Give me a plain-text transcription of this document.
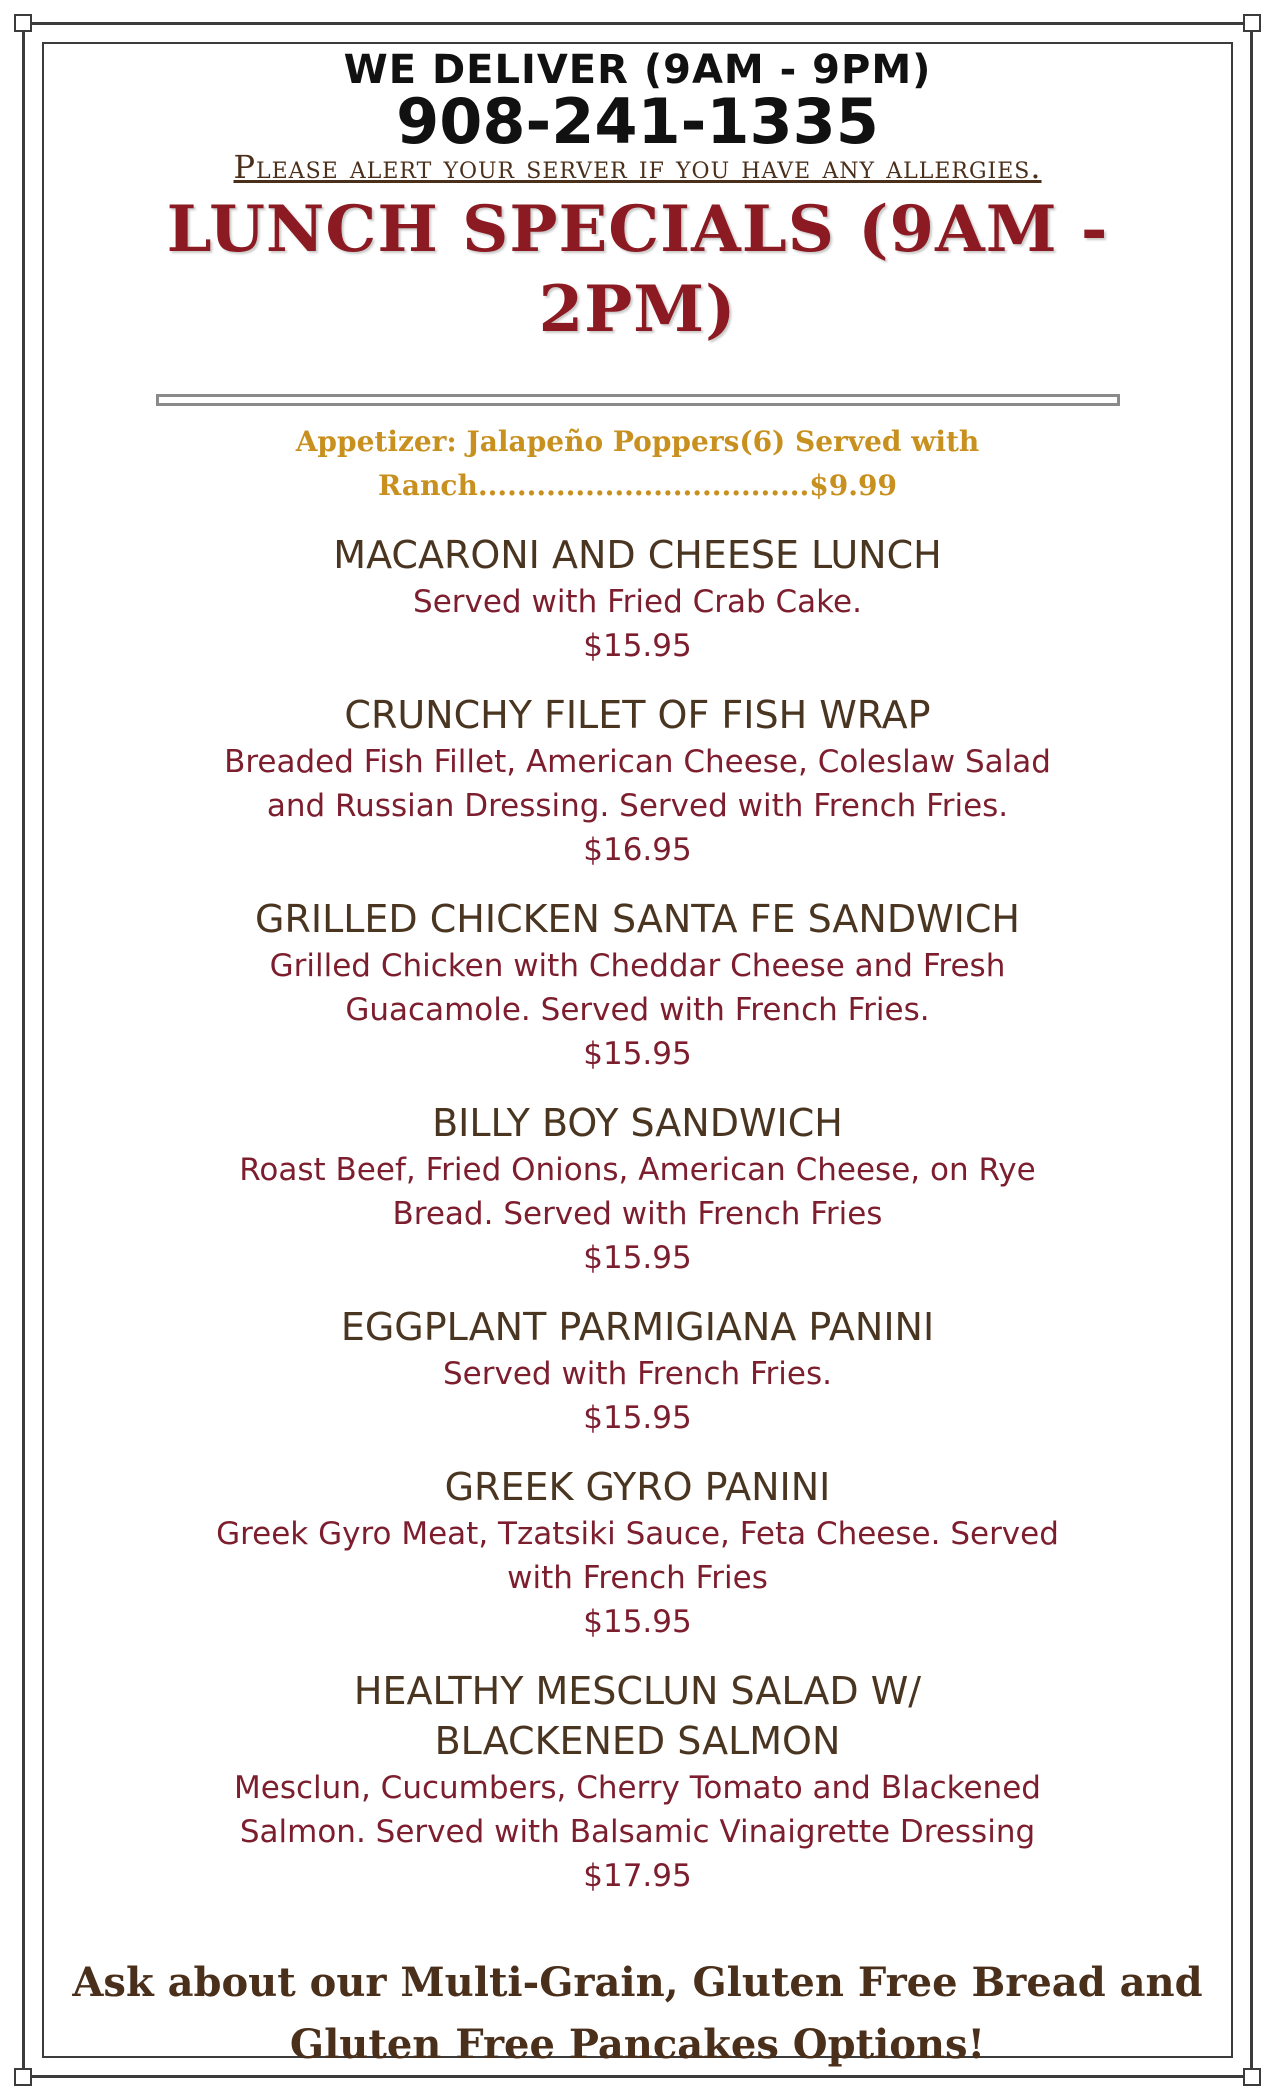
WE DELIVER (9AM - 9PM)
908-241-1335
Please alert your server if you have any allergies.
LUNCH SPECIALS (9AM - 2PM)
Appetizer: Jalapeño Poppers(6) Served with Ranch..................................$9.99
MACARONI AND CHEESE LUNCH
Served with Fried Crab Cake.
$15.95
CRUNCHY FILET OF FISH WRAP
Breaded Fish Fillet, American Cheese, Coleslaw Salad and Russian Dressing. Served with French Fries.
$16.95
GRILLED CHICKEN SANTA FE SANDWICH
Grilled Chicken with Cheddar Cheese and Fresh Guacamole. Served with French Fries.
$15.95
BILLY BOY SANDWICH
Roast Beef, Fried Onions, American Cheese, on Rye Bread. Served with French Fries
$15.95
EGGPLANT PARMIGIANA PANINI
Served with French Fries.
$15.95
GREEK GYRO PANINI
Greek Gyro Meat, Tzatsiki Sauce, Feta Cheese. Served with French Fries
$15.95
HEALTHY MESCLUN SALAD W/ BLACKENED SALMON
Mesclun, Cucumbers, Cherry Tomato and Blackened Salmon. Served with Balsamic Vinaigrette Dressing
$17.95
Ask about our Multi-Grain, Gluten Free Bread and
Gluten Free Pancakes Options!
